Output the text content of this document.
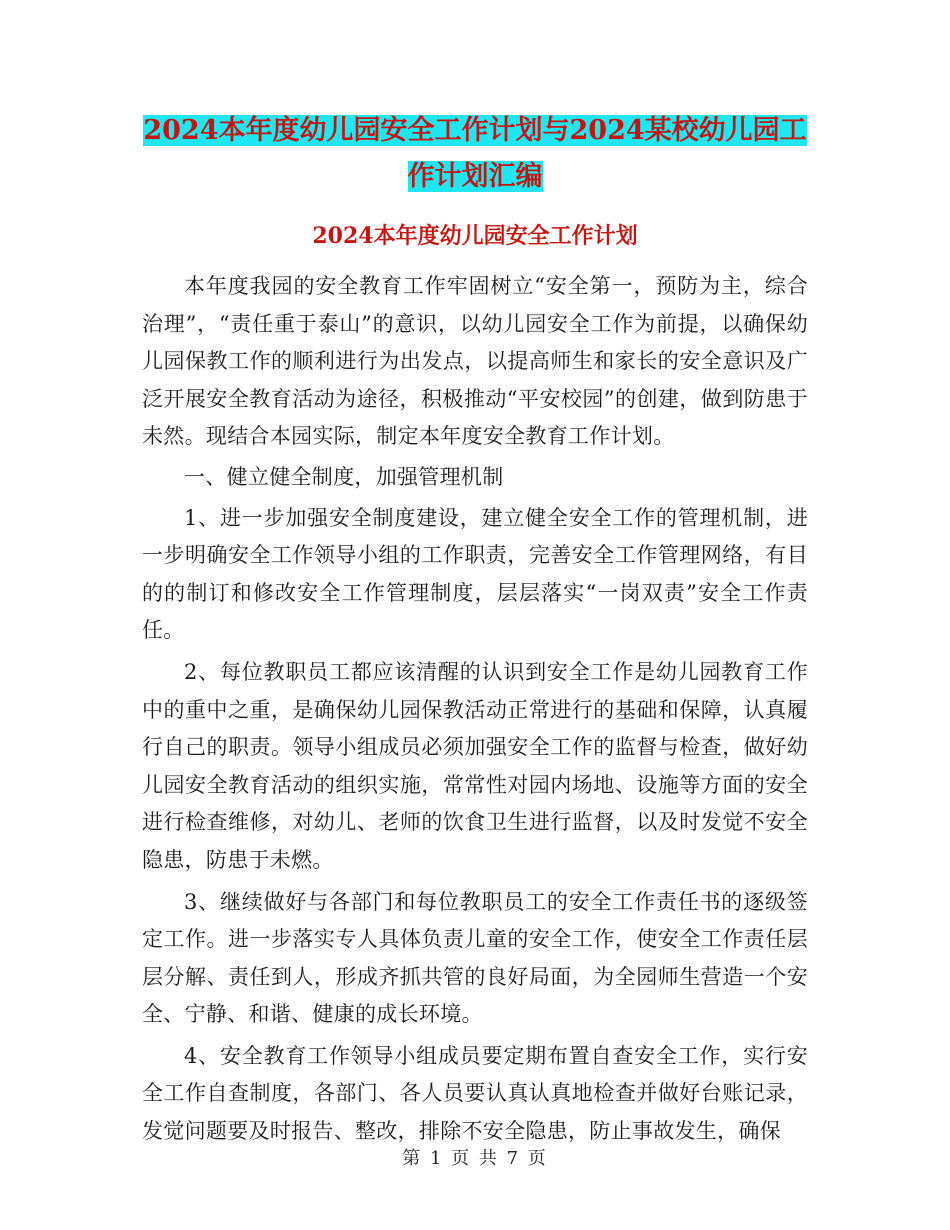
2024本年度幼儿园安全工作计划与2024某校幼儿园工
作计划汇编
2024本年度幼儿园安全工作计划

本年度我园的安全教育工作牢固树立“安全第一，预防为主，综合治理”，“责任重于泰山”的意识，以幼儿园安全工作为前提，以确保幼儿园保教工作的顺利进行为出发点，以提高师生和家长的安全意识及广泛开展安全教育活动为途径，积极推动“平安校园”的创建，做到防患于未然。现结合本园实际，制定本年度安全教育工作计划。

一、健立健全制度，加强管理机制

1、进一步加强安全制度建设，建立健全安全工作的管理机制，进一步明确安全工作领导小组的工作职责，完善安全工作管理网络，有目的的制订和修改安全工作管理制度，层层落实“一岗双责”安全工作责任。

2、每位教职员工都应该清醒的认识到安全工作是幼儿园教育工作中的重中之重，是确保幼儿园保教活动正常进行的基础和保障，认真履行自己的职责。领导小组成员必须加强安全工作的监督与检查，做好幼儿园安全教育活动的组织实施，常常性对园内场地、设施等方面的安全进行检查维修，对幼儿、老师的饮食卫生进行监督，以及时发觉不安全隐患，防患于未燃。

3、继续做好与各部门和每位教职员工的安全工作责任书的逐级签定工作。进一步落实专人具体负责儿童的安全工作，使安全工作责任层层分解、责任到人，形成齐抓共管的良好局面，为全园师生营造一个安全、宁静、和谐、健康的成长环境。

4、安全教育工作领导小组成员要定期布置自查安全工作，实行安全工作自查制度，各部门、各人员要认真认真地检查并做好台账记录，发觉问题要及时报告、整改，排除不安全隐患，防止事故发生，确保

第 1 页 共 7 页
